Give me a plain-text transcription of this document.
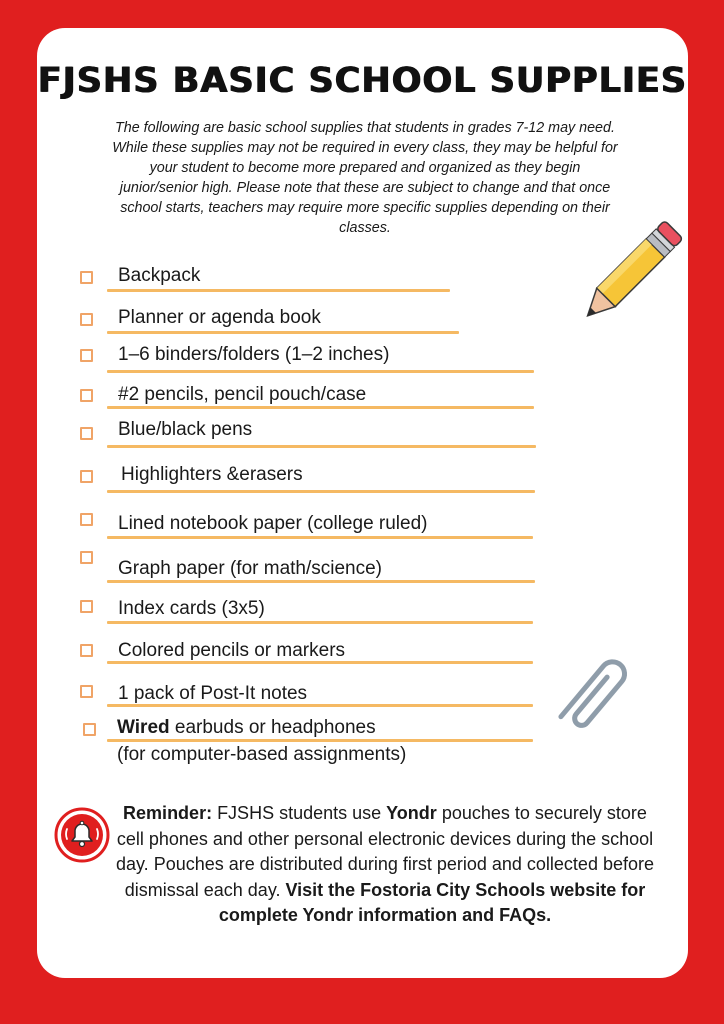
FJSHS BASIC SCHOOL SUPPLIES

The following are basic school supplies that students in grades 7-12 may need.
While these supplies may not be required in every class, they may be helpful for
your student to become more prepared and organized as they begin
junior/senior high. Please note that these are subject to change and that once
school starts, teachers may require more specific supplies depending on their
classes.

Backpack
Planner or agenda book
1–6 binders/folders (1–2 inches)
#2 pencils, pencil pouch/case
Blue/black pens
Highlighters &erasers
Lined notebook paper (college ruled)
Graph paper (for math/science)
Index cards (3x5)
Colored pencils or markers
1 pack of Post-It notes
Wired earbuds or headphones
(for computer-based assignments)

Reminder: FJSHS students use Yondr pouches to securely store cell phones and other personal electronic devices during the school day. Pouches are distributed during first period and collected before dismissal each day. Visit the Fostoria City Schools website for complete Yondr information and FAQs.
